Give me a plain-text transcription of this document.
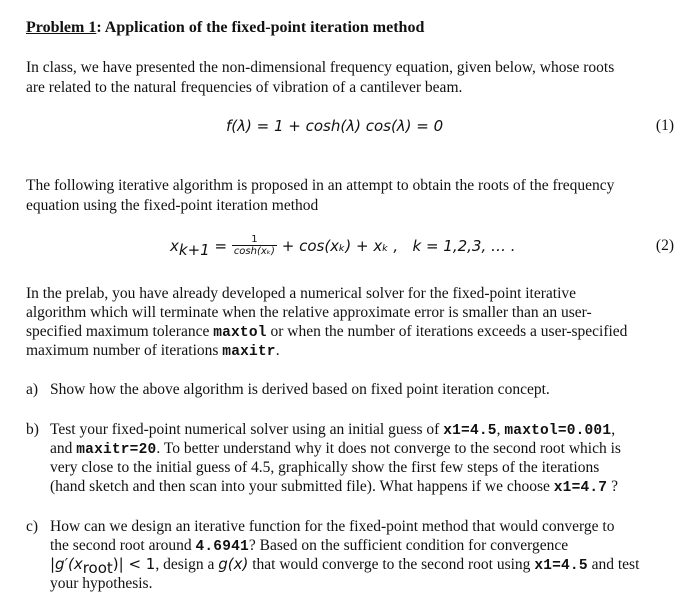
Problem 1: Application of the fixed-point iteration method
In class, we have presented the non-dimensional frequency equation, given below, whose roots
are related to the natural frequencies of vibration of a cantilever beam.
f(λ) = 1 + cosh(λ) cos(λ) = 0	(1)
The following iterative algorithm is proposed in an attempt to obtain the roots of the frequency
equation using the fixed-point iteration method
$x_{k+1} = \frac{1}{\text{cosh(xₖ)}} + \cos(x_k) + x_k$ ,   k = 1,2,3, … .	(2)
In the prelab, you have already developed a numerical solver for the fixed-point iterative
algorithm which will terminate when the relative approximate error is smaller than an user-
specified maximum tolerance maxtol or when the number of iterations exceeds a user-specified
maximum number of iterations maxitr.
a) Show how the above algorithm is derived based on fixed point iteration concept.
b) Test your fixed-point numerical solver using an initial guess of x1=4.5, maxtol=0.001,
and maxitr=20. To better understand why it does not converge to the second root which is
very close to the initial guess of 4.5, graphically show the first few steps of the iterations
(hand sketch and then scan into your submitted file). What happens if we choose x1=4.7 ?
c) How can we design an iterative function for the fixed-point method that would converge to
the second root around 4.6941? Based on the sufficient condition for convergence
$|g'(x_{root})| < 1$, design a g(x) that would converge to the second root using x1=4.5 and test
your hypothesis.
